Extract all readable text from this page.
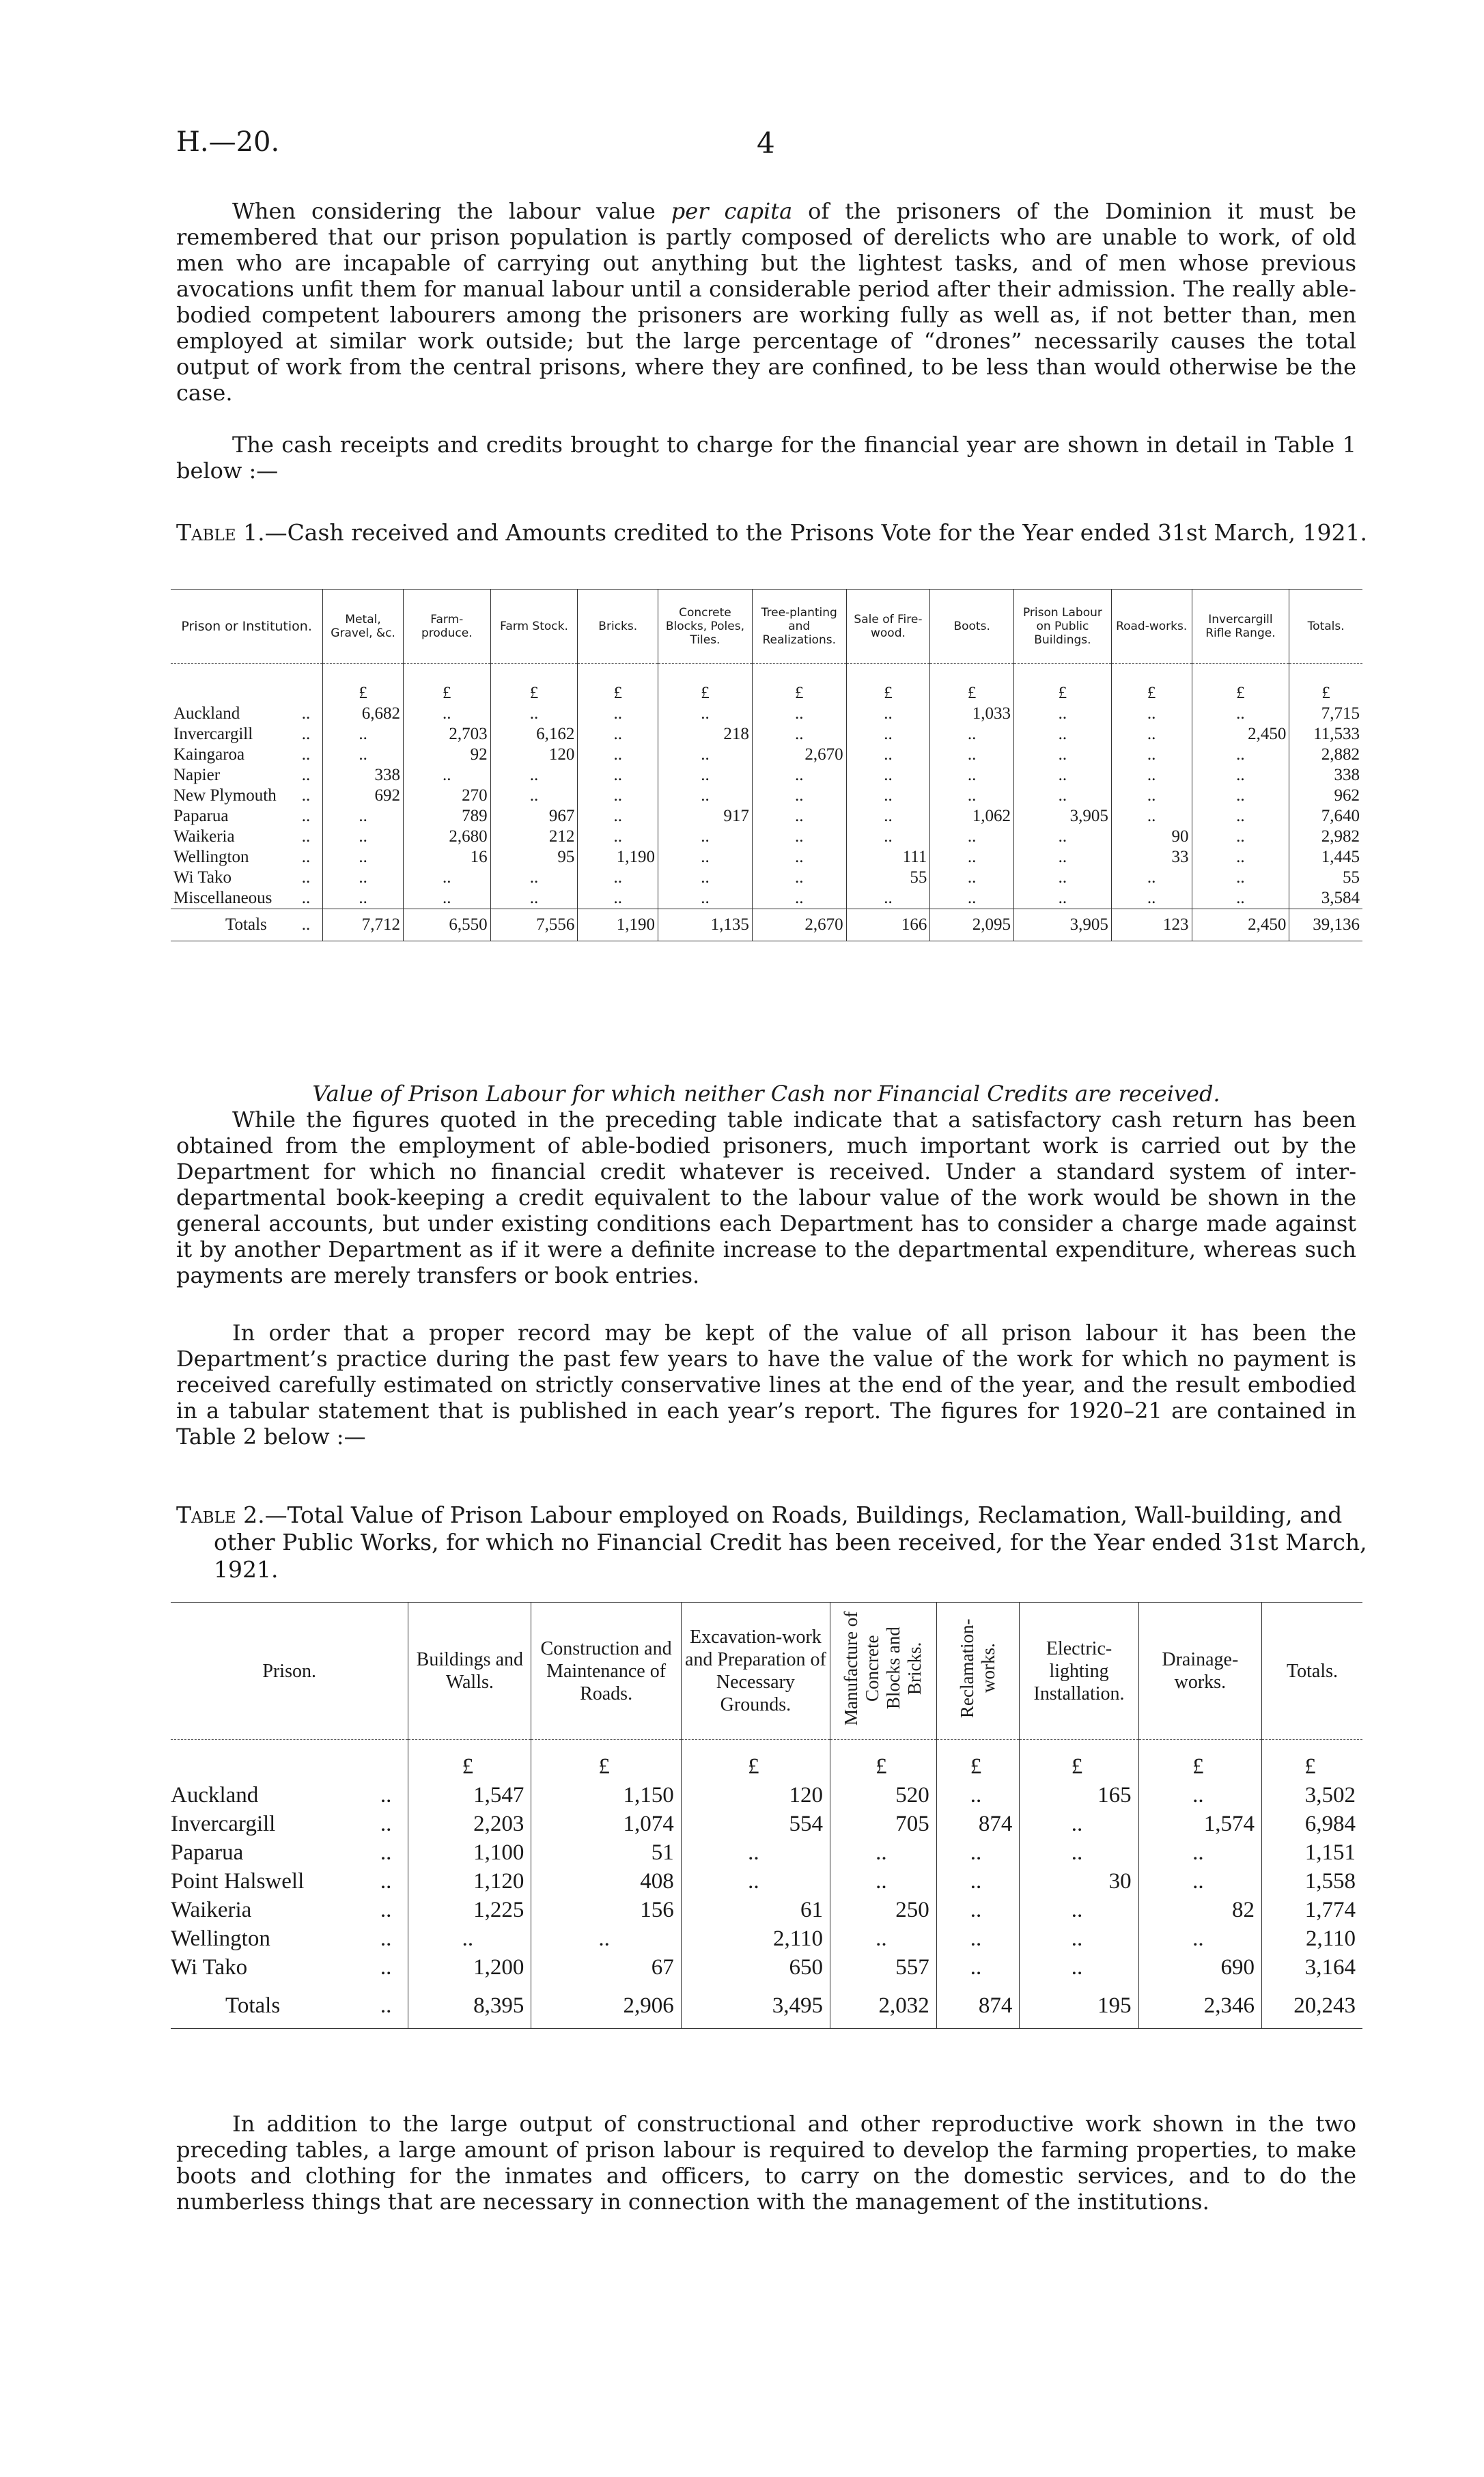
H.—20.	4

When considering the labour value per capita of the prisoners of the Dominion it must be remembered that our prison population is partly composed of derelicts who are unable to work, of old men who are incapable of carrying out anything but the lightest tasks, and of men whose previous avocations unfit them for manual labour until a considerable period after their admission. The really able-bodied competent labourers among the prisoners are working fully as well as, if not better than, men employed at similar work outside; but the large percentage of “drones” necessarily causes the total output of work from the central prisons, where they are confined, to be less than would otherwise be the case.

The cash receipts and credits brought to charge for the financial year are shown in detail in Table 1 below :—

Table 1.—Cash received and Amounts credited to the Prisons Vote for the Year ended 31st March, 1921.

Prison or Institution.	Metal, Gravel, &c.	Farm-produce.	Farm Stock.	Bricks.	Concrete Blocks, Poles, Tiles.	Tree-planting and Realizations.	Sale of Fire-wood.	Boots.	Prison Labour on Public Buildings.	Road-works.	Invercargill Rifle Range.	Totals.

	£	£	£	£	£	£	£	£	£	£	£	£
Auckland ..	6,682	..	..	..	..	..	..	1,033	..	..	..	7,715
Invercargill ..	..	2,703	6,162	..	218	..	..	..	..	..	2,450	11,533
Kaingaroa ..	..	92	120	..	..	2,670	..	..	..	..	..	2,882
Napier ..	338	..	..	..	..	..	..	..	..	..	..	338
New Plymouth ..	692	270	..	..	..	..	..	..	..	..	..	962
Paparua ..	..	789	967	..	917	..	..	1,062	3,905	..	..	7,640
Waikeria ..	..	2,680	212	..	..	..	..	..	..	90	..	2,982
Wellington ..	..	16	95	1,190	..	..	111	..	..	33	..	1,445
Wi Tako ..	..	..	..	..	..	..	55	..	..	..	..	55
Miscellaneous ..	..	..	..	..	..	..	..	..	..	..	..	3,584
Totals ..	7,712	6,550	7,556	1,190	1,135	2,670	166	2,095	3,905	123	2,450	39,136

Value of Prison Labour for which neither Cash nor Financial Credits are received.

While the figures quoted in the preceding table indicate that a satisfactory cash return has been obtained from the employment of able-bodied prisoners, much important work is carried out by the Department for which no financial credit whatever is received. Under a standard system of inter-departmental book-keeping a credit equivalent to the labour value of the work would be shown in the general accounts, but under existing conditions each Department has to consider a charge made against it by another Department as if it were a definite increase to the departmental expenditure, whereas such payments are merely transfers or book entries.

In order that a proper record may be kept of the value of all prison labour it has been the Department’s practice during the past few years to have the value of the work for which no payment is received carefully estimated on strictly conservative lines at the end of the year, and the result embodied in a tabular statement that is published in each year’s report. The figures for 1920–21 are contained in Table 2 below :—

Table 2.—Total Value of Prison Labour employed on Roads, Buildings, Reclamation, Wall-building, and other Public Works, for which no Financial Credit has been received, for the Year ended 31st March, 1921.

Prison.	Buildings and Walls.	Construction and Maintenance of Roads.	Excavation-work and Preparation of Necessary Grounds.	Manufacture of Concrete Blocks and Bricks.	Reclamation-works.	Electric-lighting Installation.	Drainage-works.	Totals.

	£	£	£	£	£	£	£	£
Auckland ..	1,547	1,150	120	520	..	165	..	3,502
Invercargill ..	2,203	1,074	554	705	874	..	1,574	6,984
Paparua ..	1,100	51	..	..	..	..	..	1,151
Point Halswell ..	1,120	408	..	..	..	30	..	1,558
Waikeria ..	1,225	156	61	250	..	..	82	1,774
Wellington ..	..	..	2,110	..	..	..	..	2,110
Wi Tako ..	1,200	67	650	557	..	..	690	3,164
Totals ..	8,395	2,906	3,495	2,032	874	195	2,346	20,243

In addition to the large output of constructional and other reproductive work shown in the two preceding tables, a large amount of prison labour is required to develop the farming properties, to make boots and clothing for the inmates and officers, to carry on the domestic services, and to do the numberless things that are necessary in connection with the management of the institutions.
